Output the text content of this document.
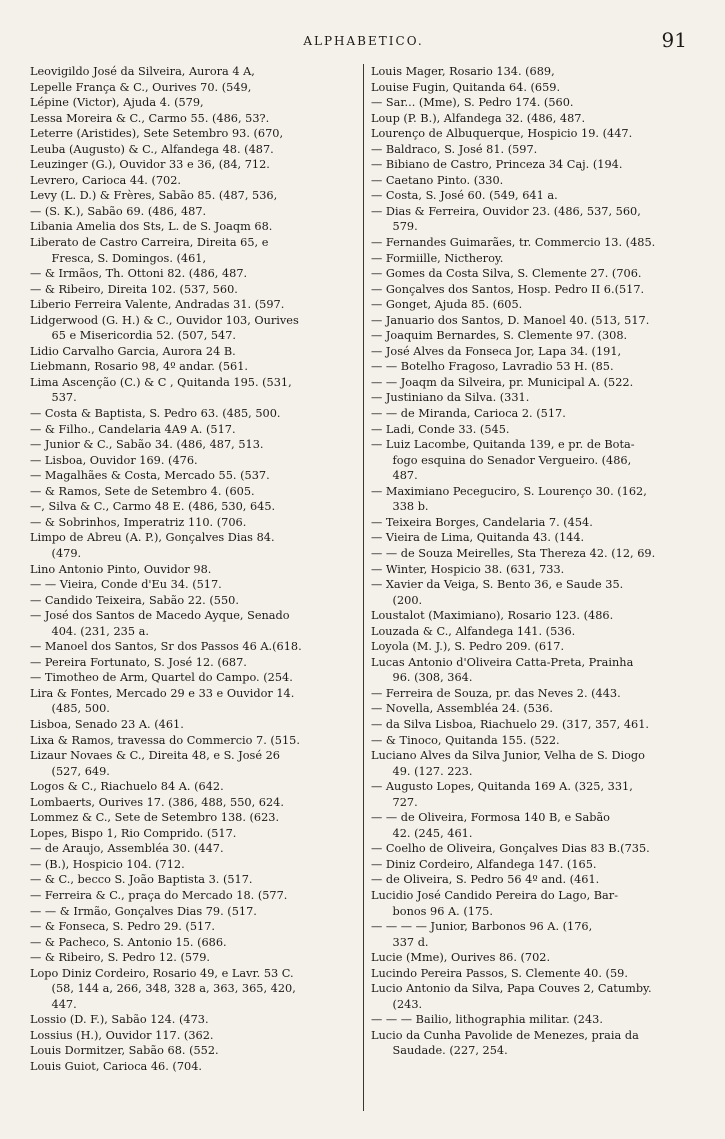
ALPHABETICO.	91
Leovigildo José da Silveira, Aurora 4 A,
Lepelle França & C., Ourives 70. (549,
Lépine (Victor), Ajuda 4. (579,
Lessa Moreira & C., Carmo 55. (486, 53?.
Leterre (Aristides), Sete Setembro 93. (670,
Leuba (Augusto) & C., Alfandega 48. (487.
Leuzinger (G.), Ouvidor 33 e 36, (84, 712.
Levrero, Carioca 44. (702.
Levy (L. D.) & Frères, Sabão 85. (487, 536,
— (S. K.), Sabão 69. (486, 487.
Libania Amelia dos Sts, L. de S. Joaqm 68.
Liberato de Castro Carreira, Direita 65, e
Fresca, S. Domingos. (461,
— & Irmãos, Th. Ottoni 82. (486, 487.
— & Ribeiro, Direita 102. (537, 560.
Liberio Ferreira Valente, Andradas 31. (597.
Lidgerwood (G. H.) & C., Ouvidor 103, Ourives
65 e Misericordia 52. (507, 547.
Lidio Carvalho Garcia, Aurora 24 B.
Liebmann, Rosario 98, 4º andar. (561.
Lima Ascenção (C.) & C , Quitanda 195. (531,
537.
— Costa & Baptista, S. Pedro 63. (485, 500.
— & Filho., Candelaria 4A9 A. (517.
— Junior & C., Sabão 34. (486, 487, 513.
— Lisboa, Ouvidor 169. (476.
— Magalhães & Costa, Mercado 55. (537.
— & Ramos, Sete de Setembro 4. (605.
—, Silva & C., Carmo 48 E. (486, 530, 645.
— & Sobrinhos, Imperatriz 110. (706.
Limpo de Abreu (A. P.), Gonçalves Dias 84.
(479.
Lino Antonio Pinto, Ouvidor 98.
— — Vieira, Conde d'Eu 34. (517.
— Candido Teixeira, Sabão 22. (550.
— José dos Santos de Macedo Ayque, Senado
404. (231, 235 a.
— Manoel dos Santos, Sr dos Passos 46 A.(618.
— Pereira Fortunato, S. José 12. (687.
— Timotheo de Arm, Quartel do Campo. (254.
Lira & Fontes, Mercado 29 e 33 e Ouvidor 14.
(485, 500.
Lisboa, Senado 23 A. (461.
Lixa & Ramos, travessa do Commercio 7. (515.
Lizaur Novaes & C., Direita 48, e S. José 26
(527, 649.
Logos & C., Riachuelo 84 A. (642.
Lombaerts, Ourives 17. (386, 488, 550, 624.
Lommez & C., Sete de Setembro 138. (623.
Lopes, Bispo 1, Rio Comprido. (517.
— de Araujo, Assembléa 30. (447.
— (B.), Hospicio 104. (712.
— & C., becco S. João Baptista 3. (517.
— Ferreira & C., praça do Mercado 18. (577.
— — & Irmão, Gonçalves Dias 79. (517.
— & Fonseca, S. Pedro 29. (517.
— & Pacheco, S. Antonio 15. (686.
— & Ribeiro, S. Pedro 12. (579.
Lopo Diniz Cordeiro, Rosario 49, e Lavr. 53 C.
(58, 144 a, 266, 348, 328 a, 363, 365, 420,
447.
Lossio (D. F.), Sabão 124. (473.
Lossius (H.), Ouvidor 117. (362.
Louis Dormitzer, Sabão 68. (552.
Louis Guiot, Carioca 46. (704.
Louis Mager, Rosario 134. (689,
Louise Fugin, Quitanda 64. (659.
— Sar... (Mme), S. Pedro 174. (560.
Loup (P. B.), Alfandega 32. (486, 487.
Lourenço de Albuquerque, Hospicio 19. (447.
— Baldraco, S. José 81. (597.
— Bibiano de Castro, Princeza 34 Caj. (194.
— Caetano Pinto. (330.
— Costa, S. José 60. (549, 641 a.
— Dias & Ferreira, Ouvidor 23. (486, 537, 560,
579.
— Fernandes Guimarães, tr. Commercio 13. (485.
— Formiille, Nictheroy.
— Gomes da Costa Silva, S. Clemente 27. (706.
— Gonçalves dos Santos, Hosp. Pedro II 6.(517.
— Gonget, Ajuda 85. (605.
— Januario dos Santos, D. Manoel 40. (513, 517.
— Joaquim Bernardes, S. Clemente 97. (308.
— José Alves da Fonseca Jor, Lapa 34. (191,
— — Botelho Fragoso, Lavradio 53 H. (85.
— — Joaqm da Silveira, pr. Municipal A. (522.
— Justiniano da Silva. (331.
— — de Miranda, Carioca 2. (517.
— Ladi, Conde 33. (545.
— Luiz Lacombe, Quitanda 139, e pr. de Bota-
fogo esquina do Senador Vergueiro. (486,
487.
— Maximiano Peceguciro, S. Lourenço 30. (162,
338 b.
— Teixeira Borges, Candelaria 7. (454.
— Vieira de Lima, Quitanda 43. (144.
— — de Souza Meirelles, Sta Thereza 42. (12, 69.
— Winter, Hospicio 38. (631, 733.
— Xavier da Veiga, S. Bento 36, e Saude 35.
(200.
Loustalot (Maximiano), Rosario 123. (486.
Louzada & C., Alfandega 141. (536.
Loyola (M. J.), S. Pedro 209. (617.
Lucas Antonio d'Oliveira Catta-Preta, Prainha
96. (308, 364.
— Ferreira de Souza, pr. das Neves 2. (443.
— Novella, Assembléa 24. (536.
— da Silva Lisboa, Riachuelo 29. (317, 357, 461.
— & Tinoco, Quitanda 155. (522.
Luciano Alves da Silva Junior, Velha de S. Diogo
49. (127. 223.
— Augusto Lopes, Quitanda 169 A. (325, 331,
727.
— — de Oliveira, Formosa 140 B, e Sabão
42. (245, 461.
— Coelho de Oliveira, Gonçalves Dias 83 B.(735.
— Diniz Cordeiro, Alfandega 147. (165.
— de Oliveira, S. Pedro 56 4º and. (461.
Lucidio José Candido Pereira do Lago, Bar-
bonos 96 A. (175.
— — — — Junior, Barbonos 96 A. (176,
337 d.
Lucie (Mme), Ourives 86. (702.
Lucindo Pereira Passos, S. Clemente 40. (59.
Lucio Antonio da Silva, Papa Couves 2, Catumby.
(243.
— — — Bailio, lithographia militar. (243.
Lucio da Cunha Pavolide de Menezes, praia da
Saudade. (227, 254.
